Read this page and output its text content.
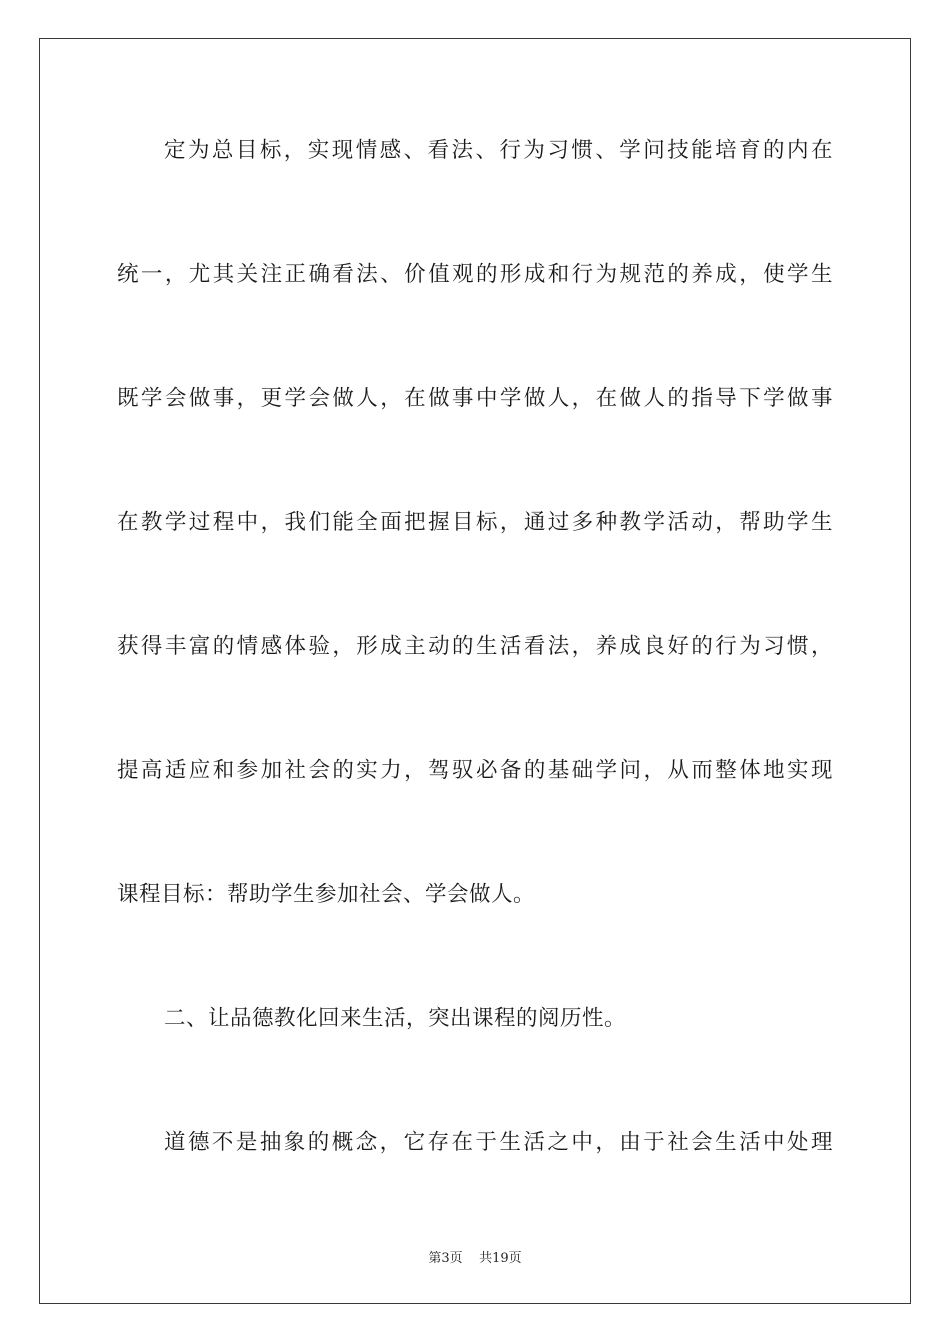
定为总目标，实现情感、看法、行为习惯、学问技能培育的内在
统一，尤其关注正确看法、价值观的形成和行为规范的养成，使学生
既学会做事，更学会做人，在做事中学做人，在做人的指导下学做事
在教学过程中，我们能全面把握目标，通过多种教学活动，帮助学生
获得丰富的情感体验，形成主动的生活看法，养成良好的行为习惯，
提高适应和参加社会的实力，驾驭必备的基础学问，从而整体地实现
课程目标：帮助学生参加社会、学会做人。
二、让品德教化回来生活，突出课程的阅历性。
道德不是抽象的概念，它存在于生活之中，由于社会生活中处理
第3页    共19页
